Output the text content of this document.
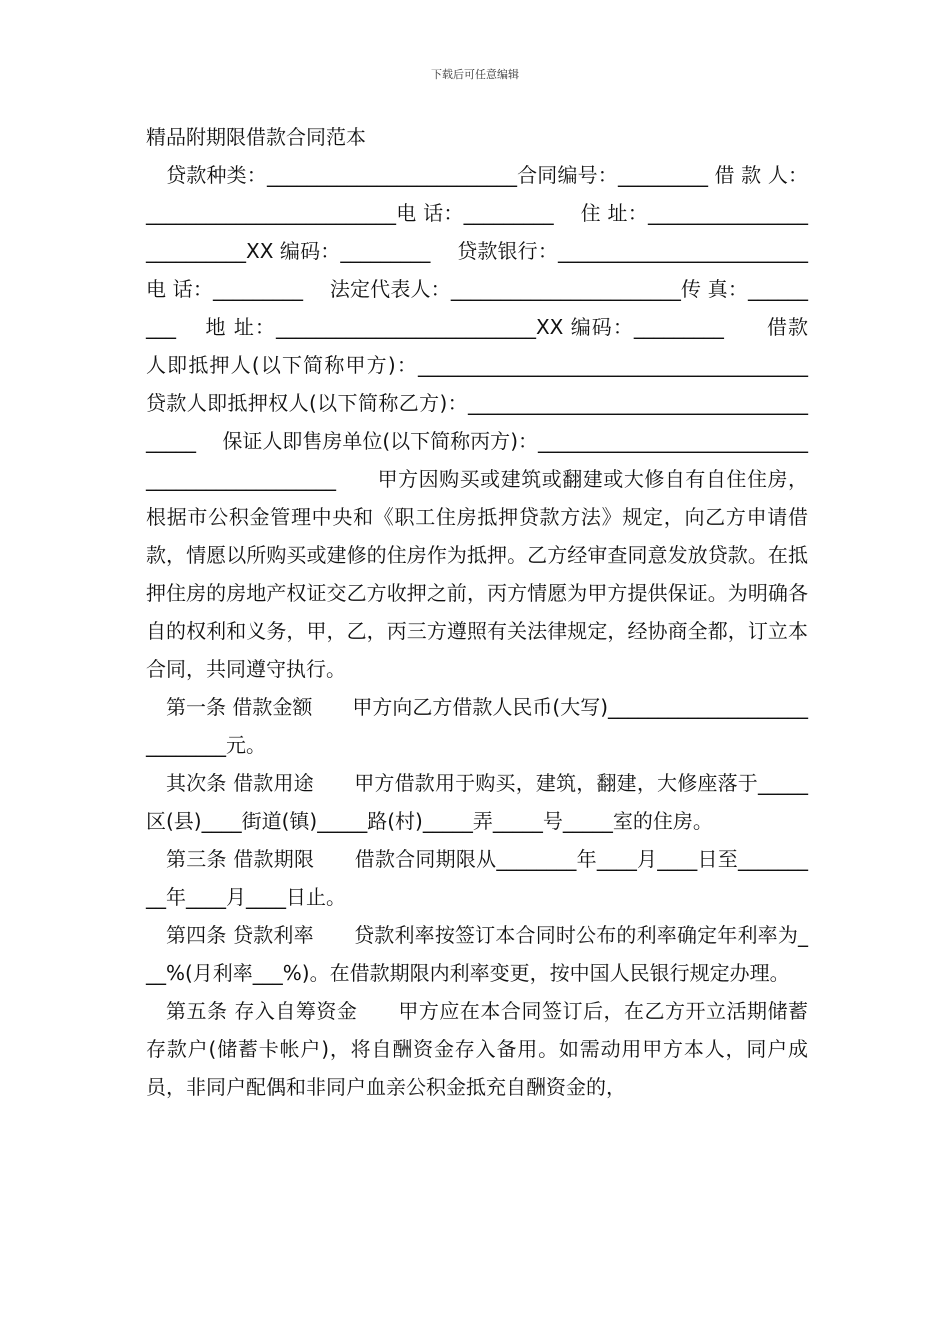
下载后可任意编辑

精品附期限借款合同范本

　贷款种类：_________________________合同编号：_________ 借 款 人：_________________________电 话：_________　 住 址：__________________________XX 编码：_________　 贷款银行：_________________________电 话：_________　 法定代表人：_______________________传 真：_________　 地 址：__________________________XX 编码：_________　　借款人即抵押人(以下简称甲方)：_______________________________________　　贷款人即抵押权人(以下简称乙方)：_______________________________________　 保证人即售房单位(以下简称丙方)：______________________________________________　　甲方因购买或建筑或翻建或大修自有自住住房，根据市公积金管理中央和《职工住房抵押贷款方法》规定，向乙方申请借款，情愿以所购买或建修的住房作为抵押。乙方经审查同意发放贷款。在抵押住房的房地产权证交乙方收押之前，丙方情愿为甲方提供保证。为明确各自的权利和义务，甲，乙，丙三方遵照有关法律规定，经协商全都，订立本合同，共同遵守执行。

第一条 借款金额　　甲方向乙方借款人民币(大写)____________________________元。

其次条 借款用途　　甲方借款用于购买，建筑，翻建，大修座落于_____区(县)____街道(镇)_____路(村)_____弄_____号_____室的住房。

第三条 借款期限　　借款合同期限从________年____月____日至_________年____月____日止。

第四条 贷款利率　　贷款利率按签订本合同时公布的利率确定年利率为___%(月利率___%)。在借款期限内利率变更，按中国人民银行规定办理。

第五条 存入自筹资金　　甲方应在本合同签订后，在乙方开立活期储蓄存款户(储蓄卡帐户)，将自酬资金存入备用。如需动用甲方本人，同户成员，非同户配偶和非同户血亲公积金抵充自酬资金的，
